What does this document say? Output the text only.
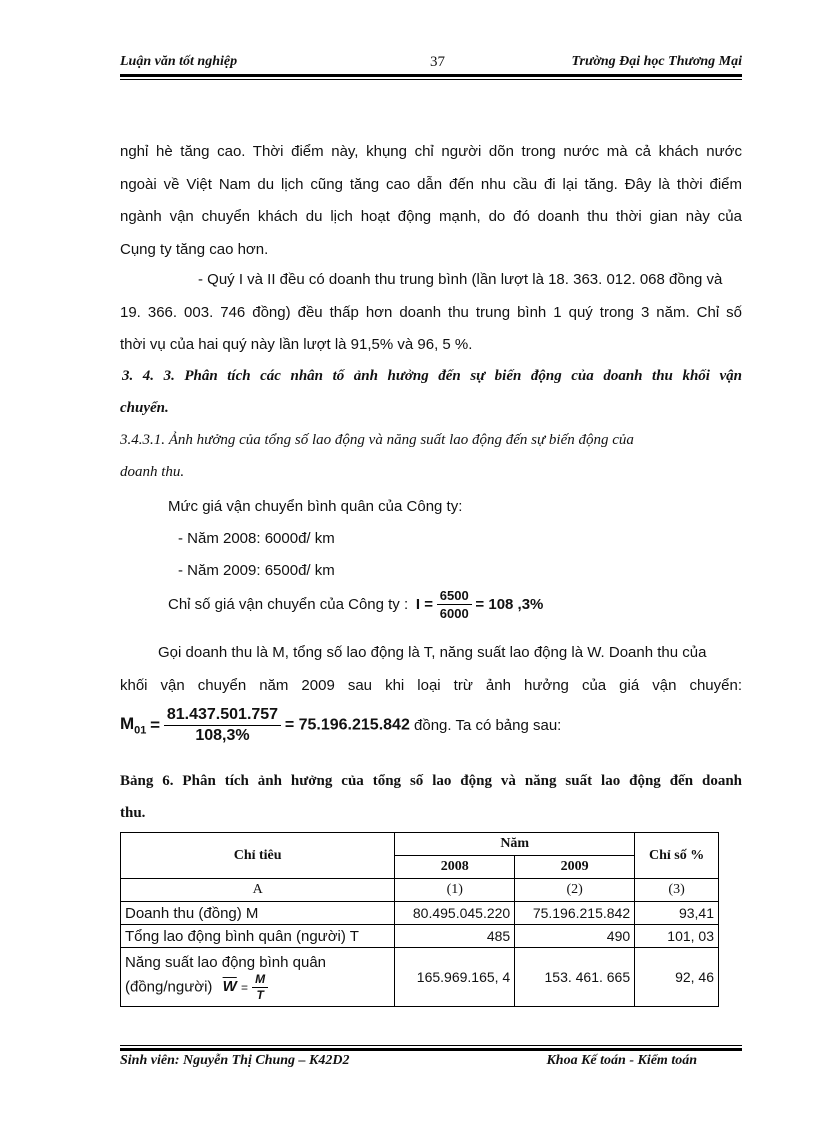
Luận văn tốt nghiệp	37	Trường Đại học Thương Mại
nghỉ hè tăng cao. Thời điểm này, khụng chỉ người dõn trong nước mà cả khách nước
ngoài về Việt Nam du lịch cũng tăng cao dẫn đến nhu cầu đi lại tăng. Đây là thời điểm
ngành vận chuyển khách du lịch hoạt động mạnh, do đó doanh thu thời gian này của
Cụng ty tăng cao hơn.
- Quý I và II đều có doanh thu trung bình (lần lượt là 18. 363. 012. 068 đồng và
19. 366. 003. 746 đồng) đều thấp hơn doanh thu trung bình 1 quý trong 3 năm. Chỉ số
thời vụ của hai quý này lần lượt là 91,5% và 96, 5 %.
3. 4. 3. Phân tích các nhân tố ảnh hưởng đến sự biến động của doanh thu khối vận
chuyển.
3.4.3.1. Ảnh hưởng của tổng số lao động và năng suất lao động đến sự biến động của
doanh thu.
Mức giá vận chuyển bình quân của Công ty:
- Năm 2008: 6000đ/ km
- Năm 2009: 6500đ/ km
Chỉ số giá vận chuyển của Công ty : $I = \frac{6500}{6000} = 108$ ,3%
Gọi doanh thu là M, tổng số lao động là T, năng suất lao động là W. Doanh thu của
khối vận chuyển năm 2009 sau khi loại trừ ảnh hưởng của giá vận chuyển:
$M_{01} = \frac{81.437.501.757}{108,3\%} = 75.196.215.842$ đồng. Ta có bảng sau:
Bảng 6. Phân tích ảnh hưởng của tổng số lao động và năng suất lao động đến doanh
thu.
Chỉ tiêu	Năm		Chỉ số %
	2008	2009	
A	(1)	(2)	(3)
Doanh thu (đồng) M	80.495.045.220	75.196.215.842	93,41
Tổng lao động bình quân (người) T	485	490	101, 03

Năng suất lao động bình quân
(đồng/người) $\overline{W} = \frac{M}{T}$	165.969.165, 4	153. 461. 665	92, 46
Sinh viên: Nguyễn Thị Chung – K42D2	Khoa Kế toán - Kiểm toán
